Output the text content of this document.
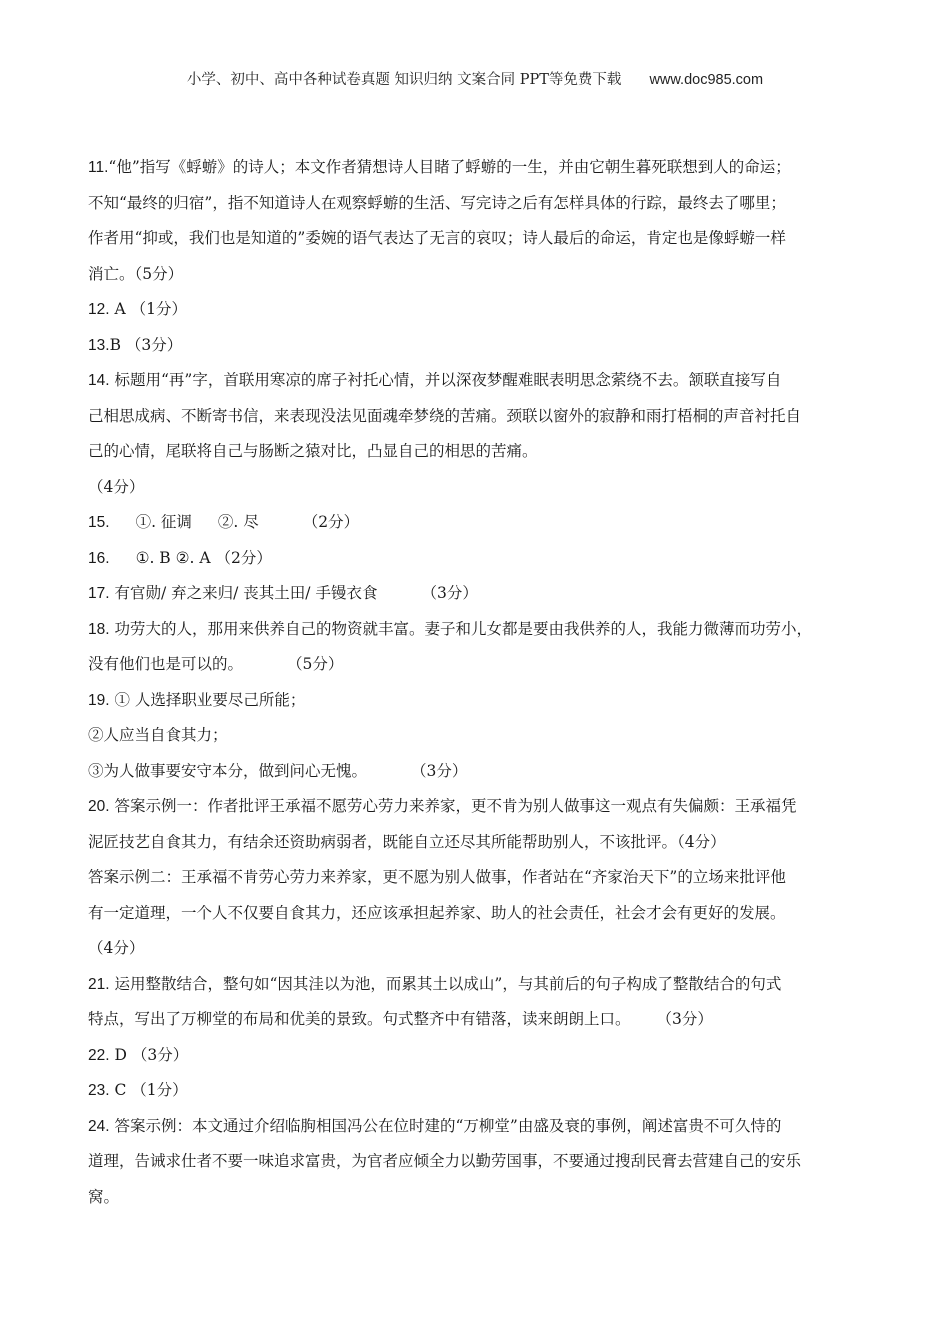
小学、初中、高中各种试卷真题 知识归纳 文案合同 PPT等免费下载 www.doc985.com

11.“他”指写《蜉蝣》的诗人；本文作者猜想诗人目睹了蜉蝣的一生，并由它朝生暮死联想到人的命运；

不知“最终的归宿”，指不知道诗人在观察蜉蝣的生活、写完诗之后有怎样具体的行踪，最终去了哪里；

作者用“抑或，我们也是知道的”委婉的语气表达了无言的哀叹；诗人最后的命运，肯定也是像蜉蝣一样

消亡。（5分）

12. A （1分）

13.B （3分）

14. 标题用“再”字，首联用寒凉的席子衬托心情，并以深夜梦醒难眠表明思念萦绕不去。颔联直接写自

己相思成病、不断寄书信，来表现没法见面魂牵梦绕的苦痛。颈联以窗外的寂静和雨打梧桐的声音衬托自

己的心情，尾联将自己与肠断之猿对比，凸显自己的相思的苦痛。

（4分）

15. ①. 征调 ②. 尽	（2分）

16. ①. B ②. A （2分）

17. 有官勋/ 弃之来归/ 丧其土田/ 手镘衣食	（3分）

18. 功劳大的人，那用来供养自己的物资就丰富。妻子和儿女都是要由我供养的人，我能力微薄而功劳小，

没有他们也是可以的。	（5分）

19. ① 人选择职业要尽己所能；

②人应当自食其力；

③为人做事要安守本分，做到问心无愧。	（3分）

20. 答案示例一：作者批评王承福不愿劳心劳力来养家，更不肯为别人做事这一观点有失偏颇：王承福凭

泥匠技艺自食其力，有结余还资助病弱者，既能自立还尽其所能帮助别人，不该批评。（4分）

答案示例二：王承福不肯劳心劳力来养家，更不愿为别人做事，作者站在“齐家治天下”的立场来批评他

有一定道理，一个人不仅要自食其力，还应该承担起养家、助人的社会责任，社会才会有更好的发展。

（4分）

21. 运用整散结合，整句如“因其洼以为池，而累其土以成山”，与其前后的句子构成了整散结合的句式

特点，写出了万柳堂的布局和优美的景致。句式整齐中有错落，读来朗朗上口。 （3分）

22. D （3分）

23. C （1分）

24. 答案示例：本文通过介绍临朐相国冯公在位时建的“万柳堂”由盛及衰的事例，阐述富贵不可久恃的

道理，告诫求仕者不要一味追求富贵，为官者应倾全力以勤劳国事，不要通过搜刮民膏去营建自己的安乐

窝。
